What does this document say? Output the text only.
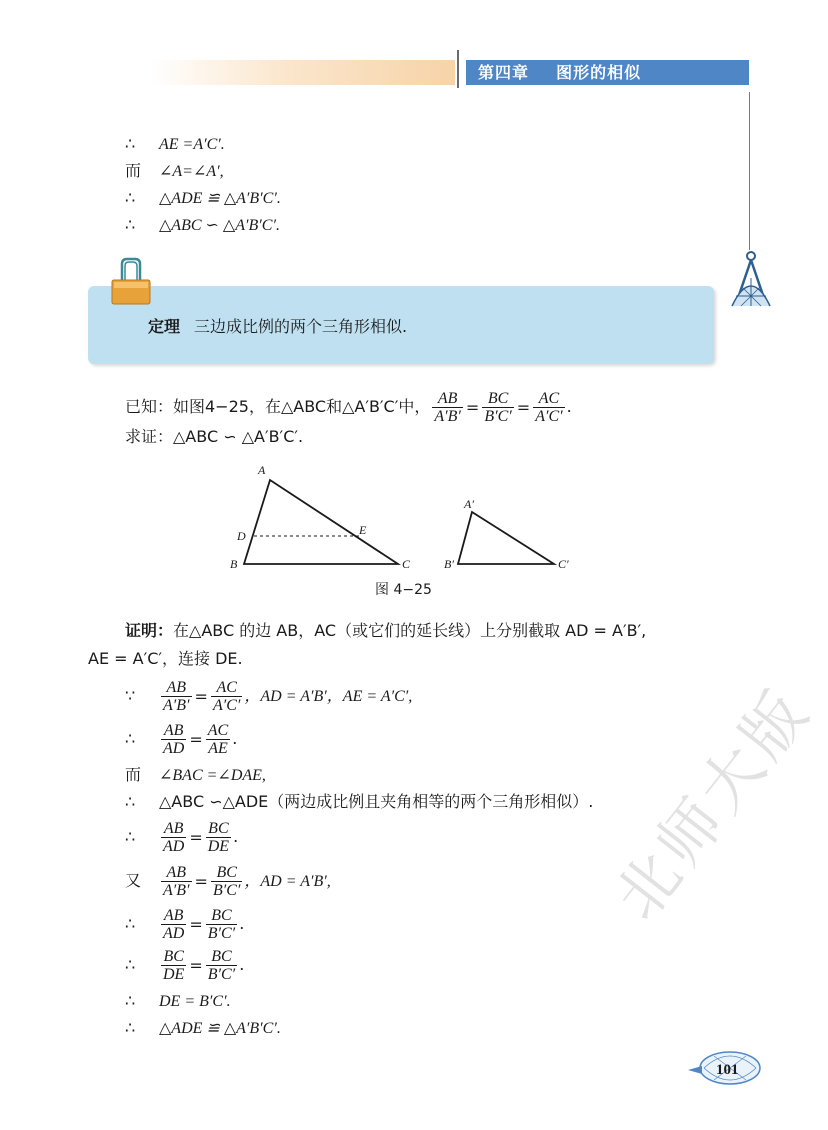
第四章 图形的相似
∴ AE =A′C′.
而 ∠A=∠A′,
∴ △ADE ≌ △A′B′C′.
∴ △ABC ∽ △A′B′C′.
定理 三边成比例的两个三角形相似.
已知：如图4−25，在△ABC和△A′B′C′中， $\frac{AB}{A'B'} = \frac{BC}{B'C'} = \frac{AC}{A'C'}$ .
求证：△ABC ∽ △A′B′C′.
A
B	C
D	E
A′
B′	C′
图 4−25
证明：在△ABC 的边 AB，AC（或它们的延长线）上分别截取 AD = A′B′,
AE = A′C′，连接 DE.
∵ $\frac{AB}{A'B'} = \frac{AC}{A'C'}$ ，AD = A′B′，AE = A′C′,
∴ $\frac{AB}{AD} = \frac{AC}{AE}$ .
而 ∠BAC =∠DAE,
∴ △ABC ∽△ADE（两边成比例且夹角相等的两个三角形相似）.
∴ $\frac{AB}{AD} = \frac{BC}{DE}$ .
又 $\frac{AB}{A'B'} = \frac{BC}{B'C'}$ ，AD = A′B′,
∴ $\frac{AB}{AD} = \frac{BC}{B'C'}$ .
∴ $\frac{BC}{DE} = \frac{BC}{B'C'}$ .
∴ DE = B′C′.
∴ △ADE ≌ △A′B′C′.
北师大版
101
